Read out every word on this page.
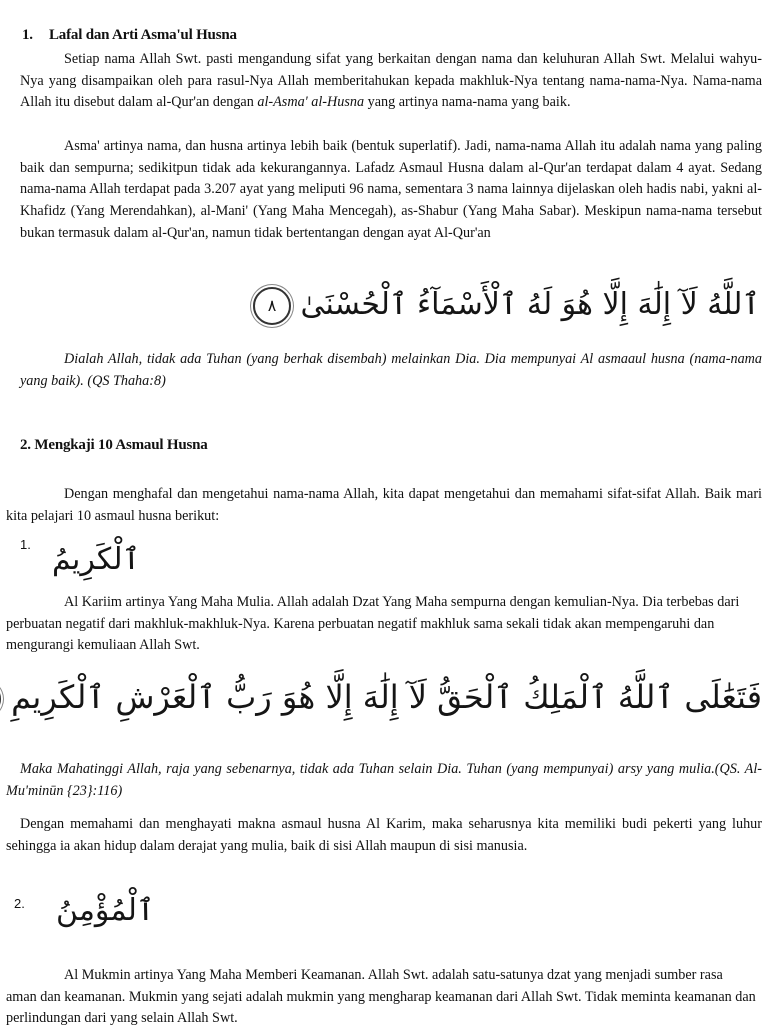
1. Lafal dan Arti Asma'ul Husna
Setiap nama Allah Swt. pasti mengandung sifat yang berkaitan dengan nama dan keluhuran Allah Swt. Melalui wahyu-Nya yang disampaikan oleh para rasul-Nya Allah memberitahukan kepada makhluk-Nya tentang nama-nama-Nya. Nama-nama Allah itu disebut dalam al-Qur'an dengan al-Asma' al-Husna yang artinya nama-nama yang baik.
Asma' artinya nama, dan husna artinya lebih baik (bentuk superlatif). Jadi, nama-nama Allah itu adalah nama yang paling baik dan sempurna; sedikitpun tidak ada kekurangannya. Lafadz Asmaul Husna dalam al-Qur'an terdapat dalam 4 ayat. Sedang nama-nama Allah terdapat pada 3.207 ayat yang meliputi 96 nama, sementara 3 nama lainnya dijelaskan oleh hadis nabi, yakni al-Khafidz (Yang Merendahkan), al-Mani' (Yang Maha Mencegah), as-Shabur (Yang Maha Sabar). Meskipun nama-nama tersebut bukan termasuk dalam al-Qur'an, namun tidak bertentangan dengan ayat Al-Qur'an
ٱللَّهُ لَآ إِلَٰهَ إِلَّا هُوَ لَهُ ٱلْأَسْمَآءُ ٱلْحُسْنَىٰ ٨
Dialah Allah, tidak ada Tuhan (yang berhak disembah) melainkan Dia. Dia mempunyai Al asmaaul husna (nama-nama yang baik). (QS Thaha:8)
2. Mengkaji 10 Asmaul Husna
Dengan menghafal dan mengetahui nama-nama Allah, kita dapat mengetahui dan memahami sifat-sifat Allah. Baik mari kita pelajari 10 asmaul husna berikut:
1. ٱلْكَرِيمُ
Al Kariim artinya Yang Maha Mulia. Allah adalah Dzat Yang Maha sempurna dengan kemulian-Nya. Dia terbebas dari perbuatan negatif dari makhluk-makhluk-Nya. Karena perbuatan negatif makhluk sama sekali tidak akan mempengaruhi dan mengurangi kemuliaan Allah Swt.
فَتَعَٰلَى ٱللَّهُ ٱلْمَلِكُ ٱلْحَقُّ لَآ إِلَٰهَ إِلَّا هُوَ رَبُّ ٱلْعَرْشِ ٱلْكَرِيمِ
Maka Mahatinggi Allah, raja yang sebenarnya, tidak ada Tuhan selain Dia. Tuhan (yang mempunyai) arsy yang mulia.(QS. Al-Mu'minūn {23}:116)
Dengan memahami dan menghayati makna asmaul husna Al Karim, maka seharusnya kita memiliki budi pekerti yang luhur sehingga ia akan hidup dalam derajat yang mulia, baik di sisi Allah maupun di sisi manusia.
2. ٱلْمُؤْمِنُ
Al Mukmin artinya Yang Maha Memberi Keamanan. Allah Swt. adalah satu-satunya dzat yang menjadi sumber rasa aman dan keamanan. Mukmin yang sejati adalah mukmin yang mengharap keamanan dari Allah Swt. Tidak meminta keamanan dan perlindungan dari yang selain Allah Swt.
